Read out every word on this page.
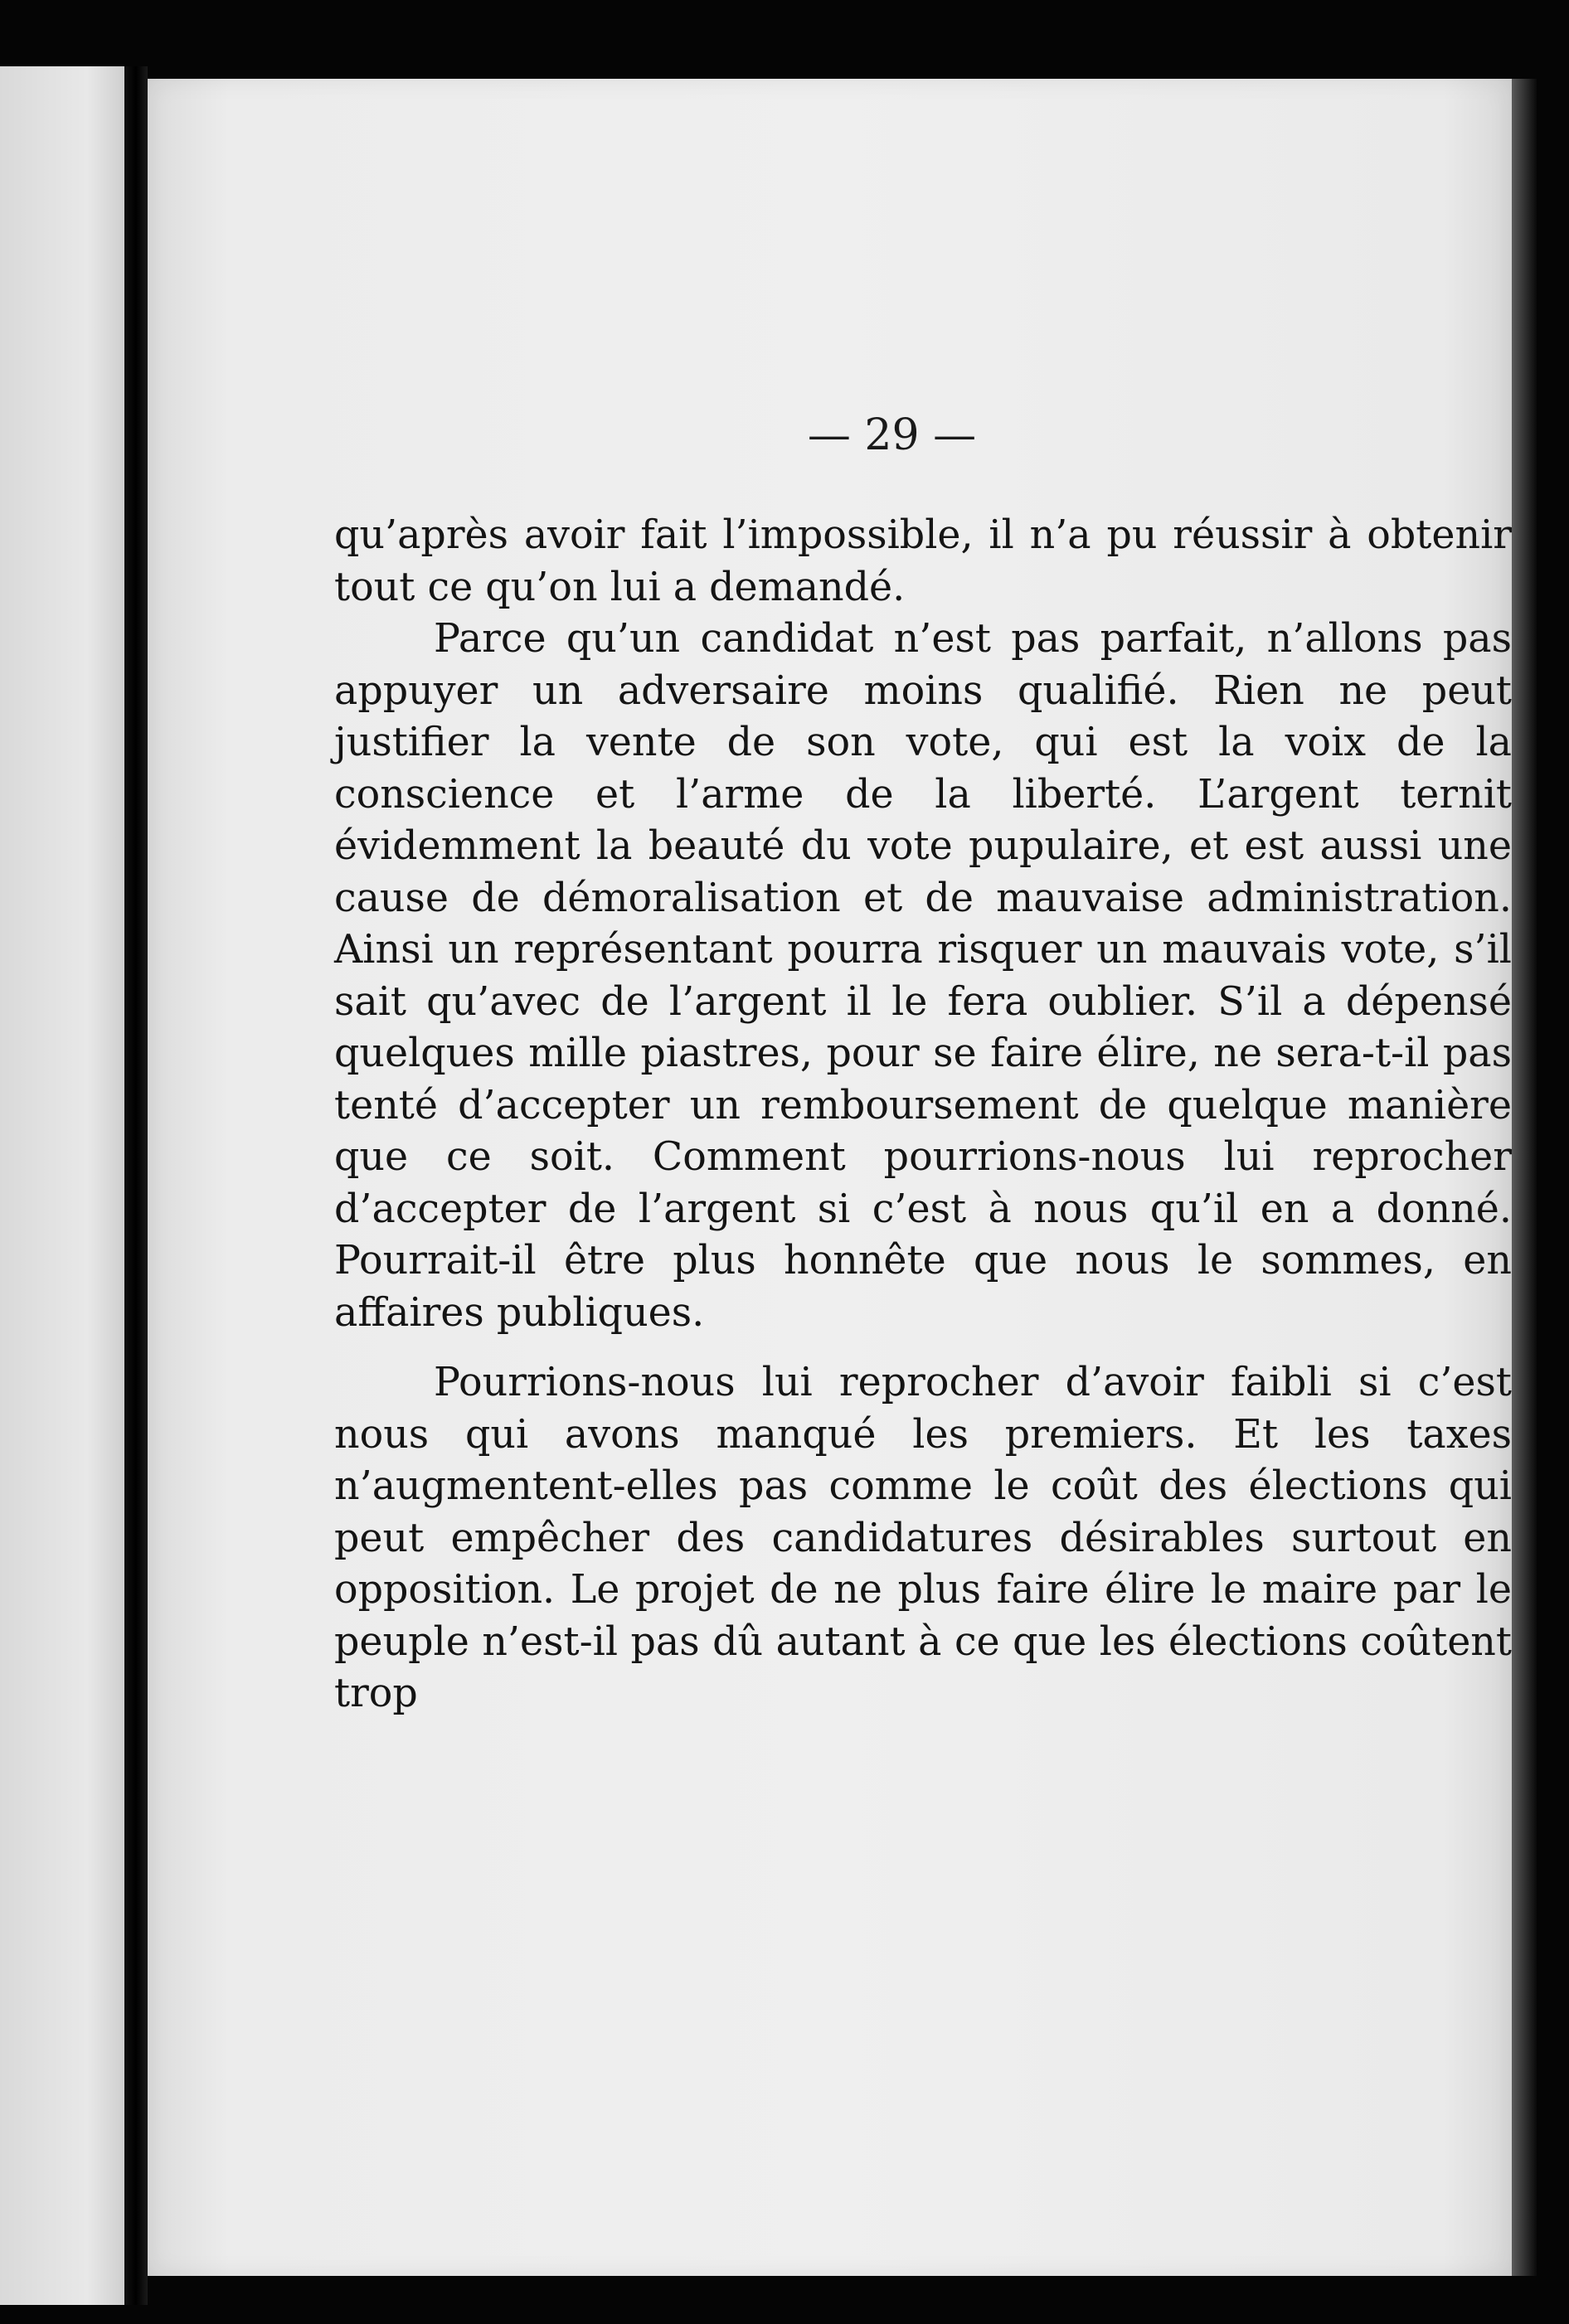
— 29 —

qu’après avoir fait l’impossible, il n’a pu réussir à obtenir tout ce qu’on lui a demandé.

Parce qu’un candidat n’est pas parfait, n’allons pas appuyer un adversaire moins qualifié. Rien ne peut justifier la vente de son vote, qui est la voix de la conscience et l’arme de la liberté. L’argent ternit évidemment la beauté du vote pupulaire, et est aussi une cause de démoralisation et de mauvaise administration. Ainsi un représentant pourra risquer un mauvais vote, s’il sait qu’avec de l’argent il le fera oublier. S’il a dépensé quelques mille piastres, pour se faire élire, ne sera-t-il pas tenté d’accepter un remboursement de quelque manière que ce soit. Comment pourrions-nous lui reprocher d’accepter de l’argent si c’est à nous qu’il en a donné. Pourrait-il être plus honnête que nous le sommes, en affaires publiques.

Pourrions-nous lui reprocher d’avoir faibli si c’est nous qui avons manqué les premiers. Et les taxes n’augmentent-elles pas comme le coût des élections qui peut empêcher des candidatures désirables surtout en opposition. Le projet de ne plus faire élire le maire par le peuple n’est-il pas dû autant à ce que les élections coûtent trop
